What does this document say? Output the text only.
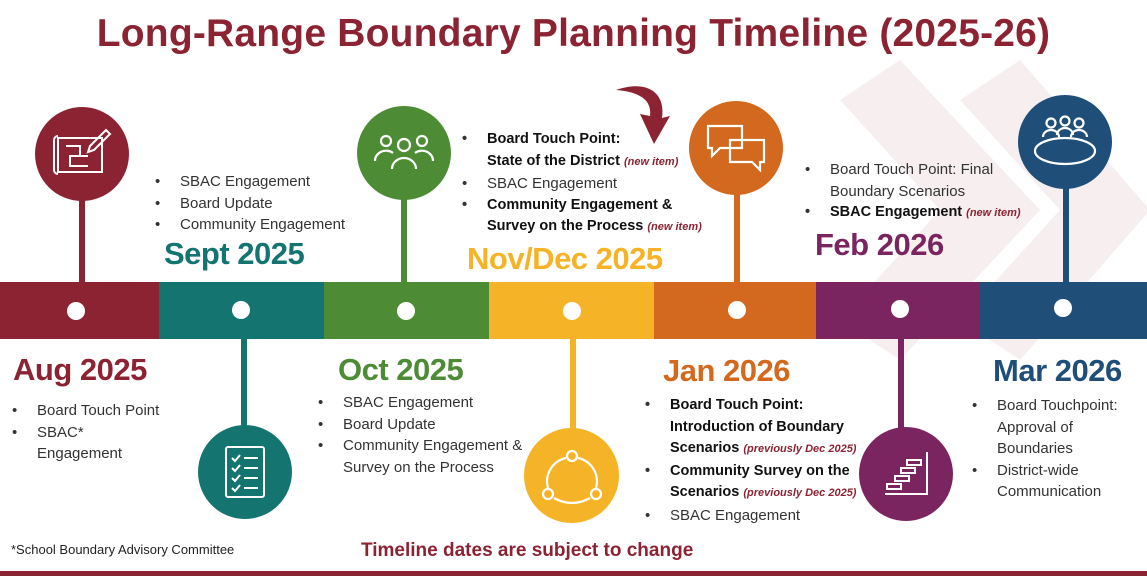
Long-Range Boundary Planning Timeline (2025-26)
Aug 2025
Sept 2025
Oct 2025
Nov/Dec 2025
Jan 2026
Feb 2026
Mar 2026
• Board Touch Point
• SBAC* Engagement
• SBAC Engagement
• Board Update
• Community Engagement
• SBAC Engagement
• Board Update
• Community Engagement &
Survey on the Process
• Board Touch Point:
State of the District (new item)
• SBAC Engagement
• Community Engagement &
Survey on the Process (new item)
• Board Touch Point:
Introduction of Boundary
Scenarios (previously Dec 2025)
• Community Survey on the
Scenarios (previously Dec 2025)
• SBAC Engagement
• Board Touch Point: Final
Boundary Scenarios
• SBAC Engagement (new item)
• Board Touchpoint:
Approval of
Boundaries
• District-wide
Communication
*School Boundary Advisory Committee	Timeline dates are subject to change
